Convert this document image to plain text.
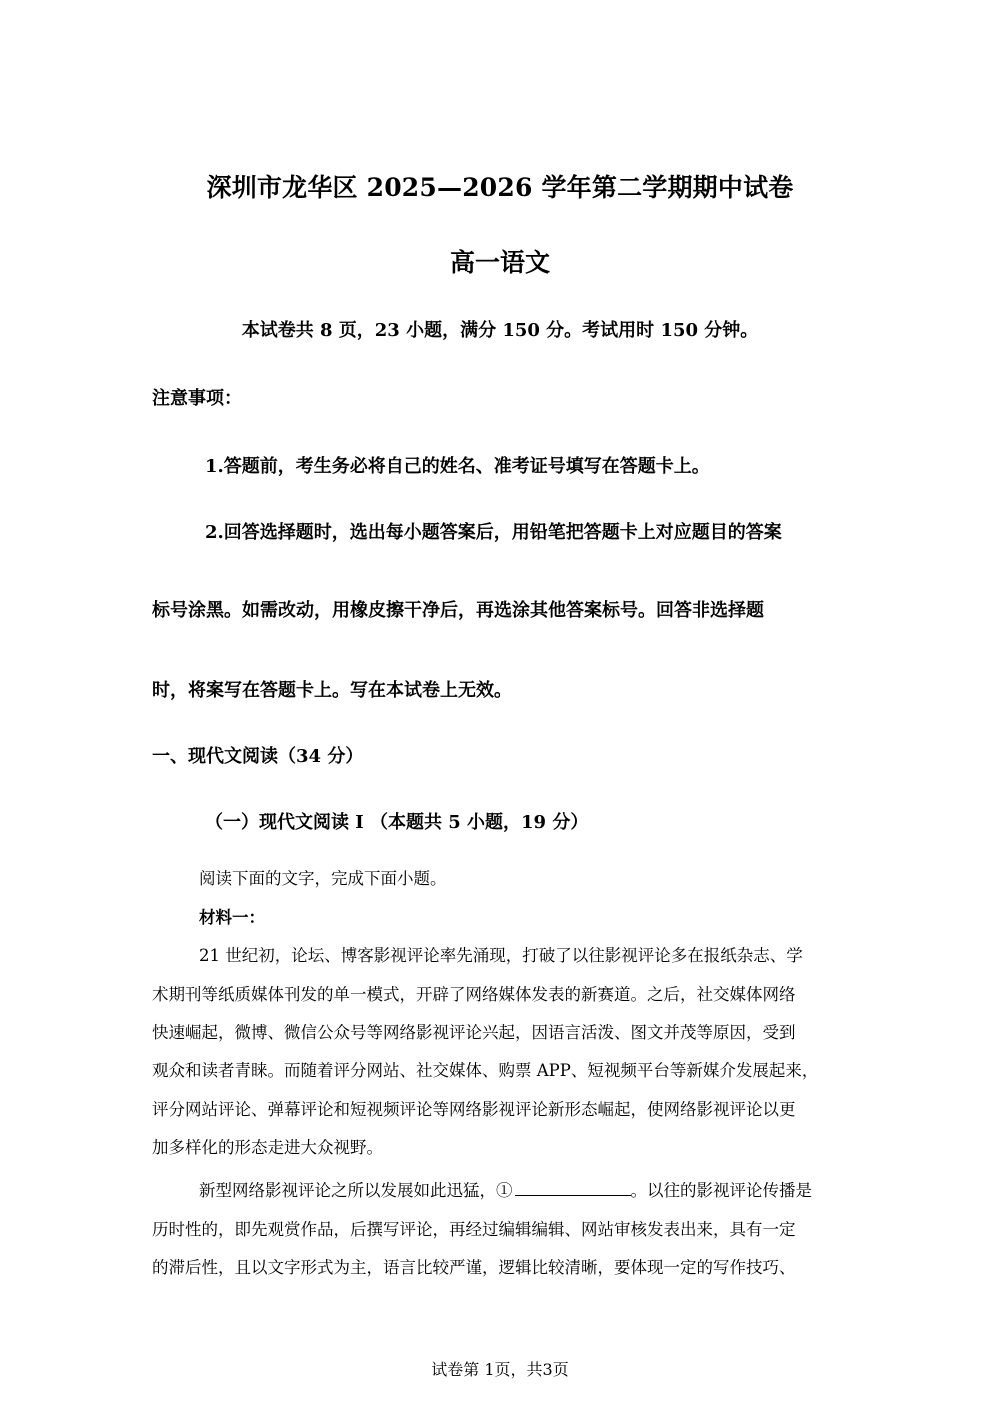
深圳市龙华区 2025—2026 学年第二学期期中试卷
高一语文
本试卷共 8 页，23 小题，满分 150 分。考试用时 150 分钟。
注意事项：
1.答题前，考生务必将自己的姓名、准考证号填写在答题卡上。
2.回答选择题时，选出每小题答案后，用铅笔把答题卡上对应题目的答案
标号涂黑。如需改动，用橡皮擦干净后，再选涂其他答案标号。回答非选择题
时，将案写在答题卡上。写在本试卷上无效。
一、现代文阅读（34 分）
（一）现代文阅读 I （本题共 5 小题，19 分）
阅读下面的文字，完成下面小题。
材料一：
21 世纪初，论坛、博客影视评论率先涌现，打破了以往影视评论多在报纸杂志、学
术期刊等纸质媒体刊发的单一模式，开辟了网络媒体发表的新赛道。之后，社交媒体网络
快速崛起，微博、微信公众号等网络影视评论兴起，因语言活泼、图文并茂等原因，受到
观众和读者青睐。而随着评分网站、社交媒体、购票 APP、短视频平台等新媒介发展起来，
评分网站评论、弹幕评论和短视频评论等网络影视评论新形态崛起，使网络影视评论以更
加多样化的形态走进大众视野。
新型网络影视评论之所以发展如此迅猛，①	。以往的影视评论传播是
历时性的，即先观赏作品，后撰写评论，再经过编辑编辑、网站审核发表出来，具有一定
的滞后性，且以文字形式为主，语言比较严谨，逻辑比较清晰，要体现一定的写作技巧、
试卷第 1页，共3页
